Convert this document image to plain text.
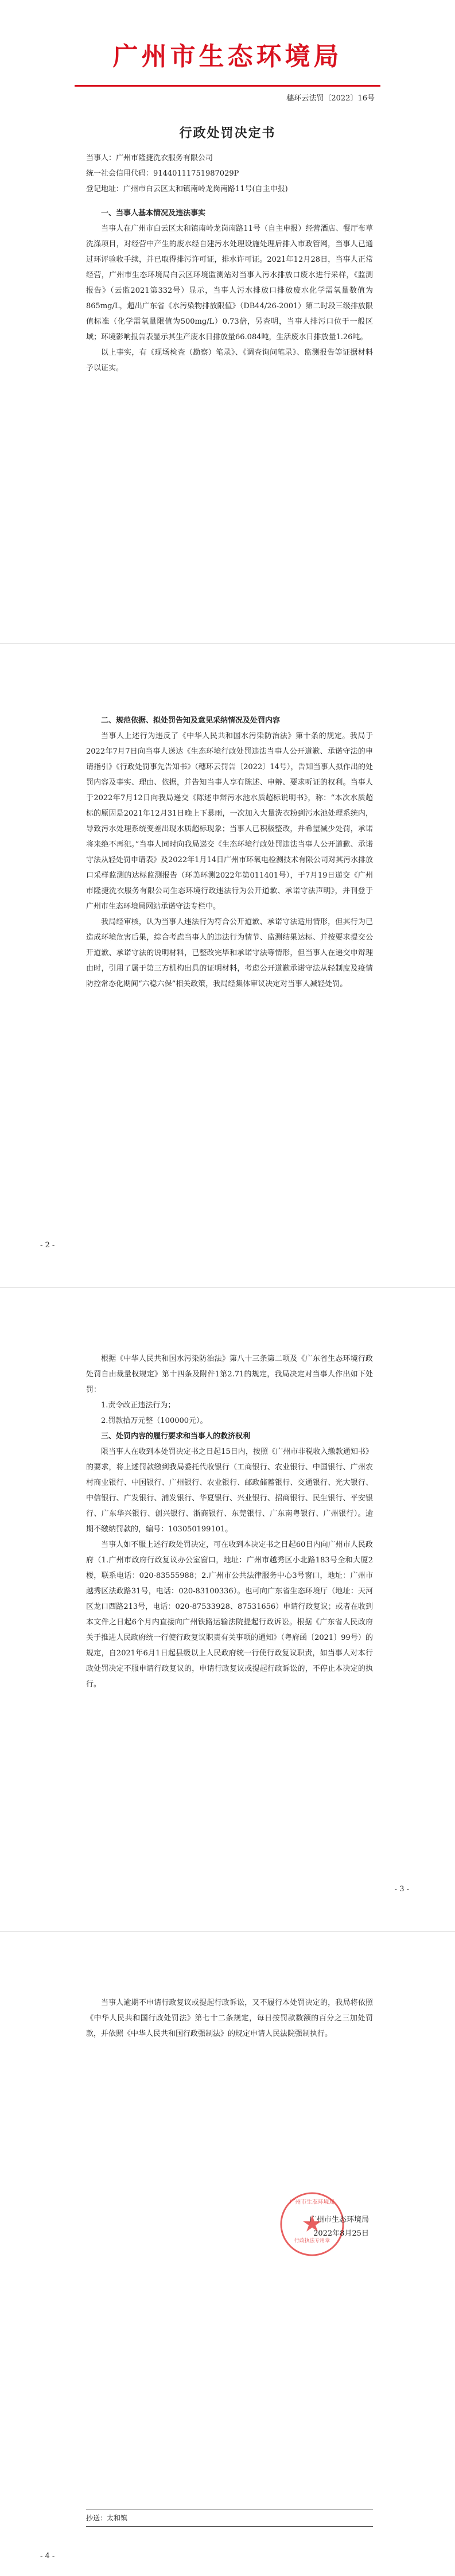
广州市生态环境局
穗环云法罚〔2022〕16号
行政处罚决定书

当事人：广州市隆捷洗衣服务有限公司

统一社会信用代码：91440111751987029P

登记地址：广州市白云区太和镇南岭龙岗南路11号(自主申报)

一、当事人基本情况及违法事实

当事人在广州市白云区太和镇南岭龙岗南路11号（自主申报）经营酒店、餐厅布草洗涤项目，对经营中产生的废水经自建污水处理设施处理后排入市政管网，当事人已通过环评验收手续，并已取得排污许可证，排水许可证。2021年12月28日，当事人正常经营，广州市生态环境局白云区环境监测站对当事人污水排放口废水进行采样，《监测报告》（云监2021第332号）显示，当事人污水排放口排放废水化学需氧量数值为865mg/L，超出广东省《水污染物排放限值》（DB44/26-2001）第二时段三级排放限值标准（化学需氧量限值为500mg/L）0.73倍，另查明，当事人排污口位于一般区域；环境影响报告表显示其生产废水日排放量66.084吨，生活废水日排放量1.26吨。

以上事实，有《现场检查（勘察）笔录》、《调查询问笔录》、监测报告等证据材料予以证实。

二、规范依据、拟处罚告知及意见采纳情况及处罚内容

当事人上述行为违反了《中华人民共和国水污染防治法》第十条的规定。我局于2022年7月7日向当事人送达《生态环境行政处罚违法当事人公开道歉、承诺守法的申请指引》《行政处罚事先告知书》（穗环云罚告〔2022〕14号），告知当事人拟作出的处罚内容及事实、理由、依据，并告知当事人享有陈述、申辩、要求听证的权利。当事人于2022年7月12日向我局递交《陈述申辩污水池水质超标说明书》，称：“本次水质超标的原因是2021年12月31日晚上下暴雨，一次加入大量洗衣粉到污水池处理系统内，导致污水处理系统变差出现水质超标现象；当事人已积极整改，并希望减少处罚，承诺将来绝不再犯。”当事人同时向我局递交《生态环境行政处罚违法当事人公开道歉、承诺守法从轻处罚申请表》及2022年1月14日广州市环氧电检测技术有限公司对其污水排放口采样监测的达标监测报告（环美环测2022年第011401号），于7月19日递交《广州市隆捷洗衣服务有限公司生态环境行政违法行为公开道歉、承诺守法声明》，并刊登于广州市生态环境局网站承诺守法专栏中。

我局经审核，认为当事人违法行为符合公开道歉、承诺守法适用情形，但其行为已造成环境危害后果，综合考虑当事人的违法行为情节、监测结果达标、并按要求提交公开道歉、承诺守法的说明材料，已整改完毕和承诺守法等情形，但当事人在递交申辩理由时，引用了属于第三方机构出具的证明材料，考虑公开道歉承诺守法从轻制度及疫情防控常态化期间“六稳六保”相关政策，我局经集体审议决定对当事人减轻处罚。

- 2 -

根据《中华人民共和国水污染防治法》第八十三条第二项及《广东省生态环境行政处罚自由裁量权规定》第十四条及附件1第2.71的规定，我局决定对当事人作出如下处罚：

1.责令改正违法行为；

2.罚款拾万元整（100000元）。

三、处罚内容的履行要求和当事人的救济权利

限当事人在收到本处罚决定书之日起15日内，按照《广州市非税收入缴款通知书》的要求，将上述罚款缴到我局委托代收银行（工商银行、农业银行、中国银行、广州农村商业银行、中国银行、广州银行、农业银行、邮政储蓄银行、交通银行、光大银行、中信银行、广发银行、浦发银行、华夏银行、兴业银行、招商银行、民生银行、平安银行、广东华兴银行、创兴银行、浙商银行、东莞银行、广东南粤银行、广州银行）。逾期不缴纳罚款的，编号：103050199101。

当事人如不服上述行政处罚决定，可在收到本决定书之日起60日内向广州市人民政府（1.广州市政府行政复议办公室窗口，地址：广州市越秀区小北路183号全和大厦2楼，联系电话：020-83555988；2.广州市公共法律服务中心3号窗口，地址：广州市越秀区法政路31号，电话：020-83100336）。也可向广东省生态环境厅（地址：天河区龙口西路213号，电话：020-87533928、87531656）申请行政复议；或者在收到本文件之日起6个月内直接向广州铁路运输法院提起行政诉讼。根据《广东省人民政府关于推进人民政府统一行使行政复议职责有关事项的通知》（粤府函〔2021〕99号）的规定，自2021年6月1日起县级以上人民政府统一行使行政复议职责，如当事人对本行政处罚决定不服申请行政复议的，申请行政复议或提起行政诉讼的，不停止本决定的执行。

- 3 -

当事人逾期不申请行政复议或提起行政诉讼，又不履行本处罚决定的，我局将依照《中华人民共和国行政处罚法》第七十二条规定，每日按罚款数额的百分之三加处罚款，并依照《中华人民共和国行政强制法》的规定申请人民法院强制执行。

行政执法专用章
广州市生态环境局
广州市生态环境局
2022年8月25日
抄送：太和镇
- 4 -
